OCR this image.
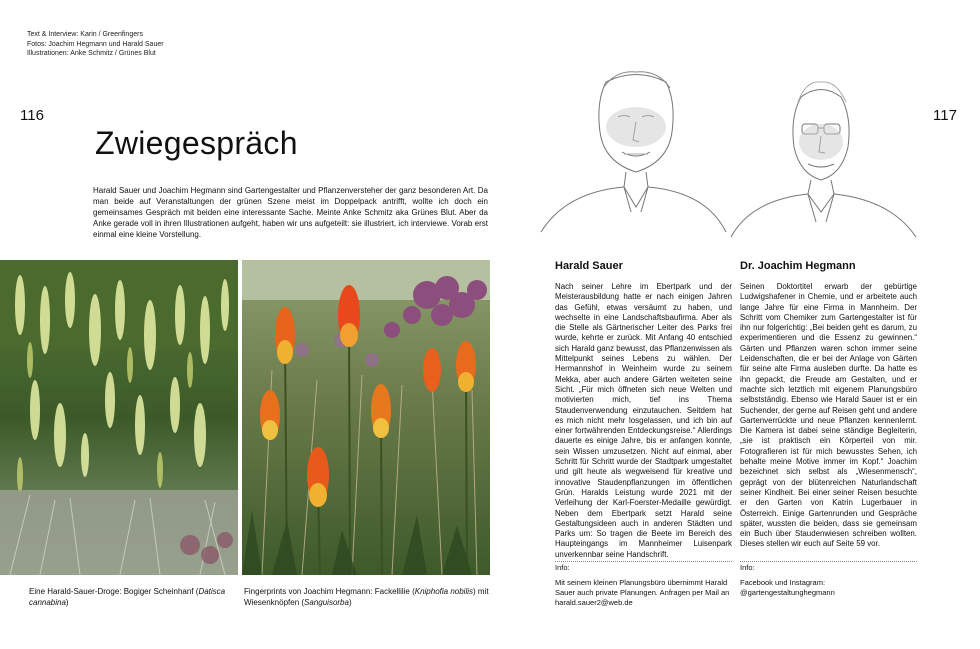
Text & Interview: Karin / Greenfingers
Fotos: Joachim Hegmann und Harald Sauer
Illustrationen: Anke Schmitz / Grünes Blut
116	117
Zwiegespräch

Harald Sauer und Joachim Hegmann sind Gartengestalter und Pflanzenversteher der ganz besonderen Art. Da man beide auf Veranstaltungen der grünen Szene meist im Doppelpack antrifft, wollte ich doch ein gemeinsames Gespräch mit beiden eine interessante Sache. Meinte Anke Schmitz aka Grünes Blut. Aber da Anke gerade voll in ihren Illustrationen aufgeht, haben wir uns aufgeteilt: sie illustriert, ich interviewe. Vorab erst einmal eine kleine Vorstellung.

Eine Harald-Sauer-Droge: Bogiger Scheinhanf (Datisca cannabina)
Fingerprints von Joachim Hegmann: Fackellilie (Kniphofia nobilis) mit Wiesenknöpfen (Sanguisorba)
Harald Sauer

Nach seiner Lehre im Ebertpark und der Meisterausbildung hatte er nach einigen Jahren das Gefühl, etwas versäumt zu haben, und wechselte in eine Landschaftsbaufirma. Aber als die Stelle als Gärtnerischer Leiter des Parks frei wurde, kehrte er zurück. Mit Anfang 40 entschied sich Harald ganz bewusst, das Pflanzenwissen als Mittelpunkt seines Lebens zu wählen. Der Hermannshof in Weinheim wurde zu seinem Mekka, aber auch andere Gärten weiteten seine Sicht. „Für mich öffneten sich neue Welten und motivierten mich, tief ins Thema Staudenverwendung einzutauchen. Seitdem hat es mich nicht mehr losgelassen, und ich bin auf einer fortwährenden Entdeckungsreise.“ Allerdings dauerte es einige Jahre, bis er anfangen konnte, sein Wissen umzusetzen. Nicht auf einmal, aber Schritt für Schritt wurde der Stadtpark umgestaltet und gilt heute als wegweisend für kreative und innovative Staudenpflanzungen im öffentlichen Grün. Haralds Leistung wurde 2021 mit der Verleihung der Karl-Foerster-Medaille gewürdigt. Neben dem Ebertpark setzt Harald seine Gestaltungsideen auch in anderen Städten und Parks um: So tragen die Beete im Bereich des Haupteingangs im Mannheimer Luisenpark unverkennbar seine Handschrift.

Info:
Mit seinem kleinen Planungsbüro übernimmt Harald Sauer auch private Planungen. Anfragen per Mail an harald.sauer2@web.de
Dr. Joachim Hegmann

Seinen Doktortitel erwarb der gebürtige Ludwigshafener in Chemie, und er arbeitete auch lange Jahre für eine Firma in Mannheim. Der Schritt vom Chemiker zum Gartengestalter ist für ihn nur folgerichtig: „Bei beiden geht es darum, zu experimentieren und die Essenz zu gewinnen.“ Gärten und Pflanzen waren schon immer seine Leidenschaften, die er bei der Anlage von Gärten für seine alte Firma ausleben durfte. Da hatte es ihn gepackt, die Freude am Gestalten, und er machte sich letztlich mit eigenem Planungsbüro selbstständig. Ebenso wie Harald Sauer ist er ein Suchender, der gerne auf Reisen geht und andere Gartenverrückte und neue Pflanzen kennenlernt. Die Kamera ist dabei seine ständige Begleiterin, „sie ist praktisch ein Körperteil von mir. Fotografieren ist für mich bewusstes Sehen, ich behalte meine Motive immer im Kopf.“ Joachim bezeichnet sich selbst als „Wiesenmensch“, geprägt von der blütenreichen Naturlandschaft seiner Kindheit. Bei einer seiner Reisen besuchte er den Garten von Katrin Lugerbauer in Österreich. Einige Gartenrunden und Gespräche später, wussten die beiden, dass sie gemeinsam ein Buch über Staudenwiesen schreiben wollten. Dieses stellen wir euch auf Seite 59 vor.

Info:
Facebook und Instagram: @gartengestaltunghegmann
